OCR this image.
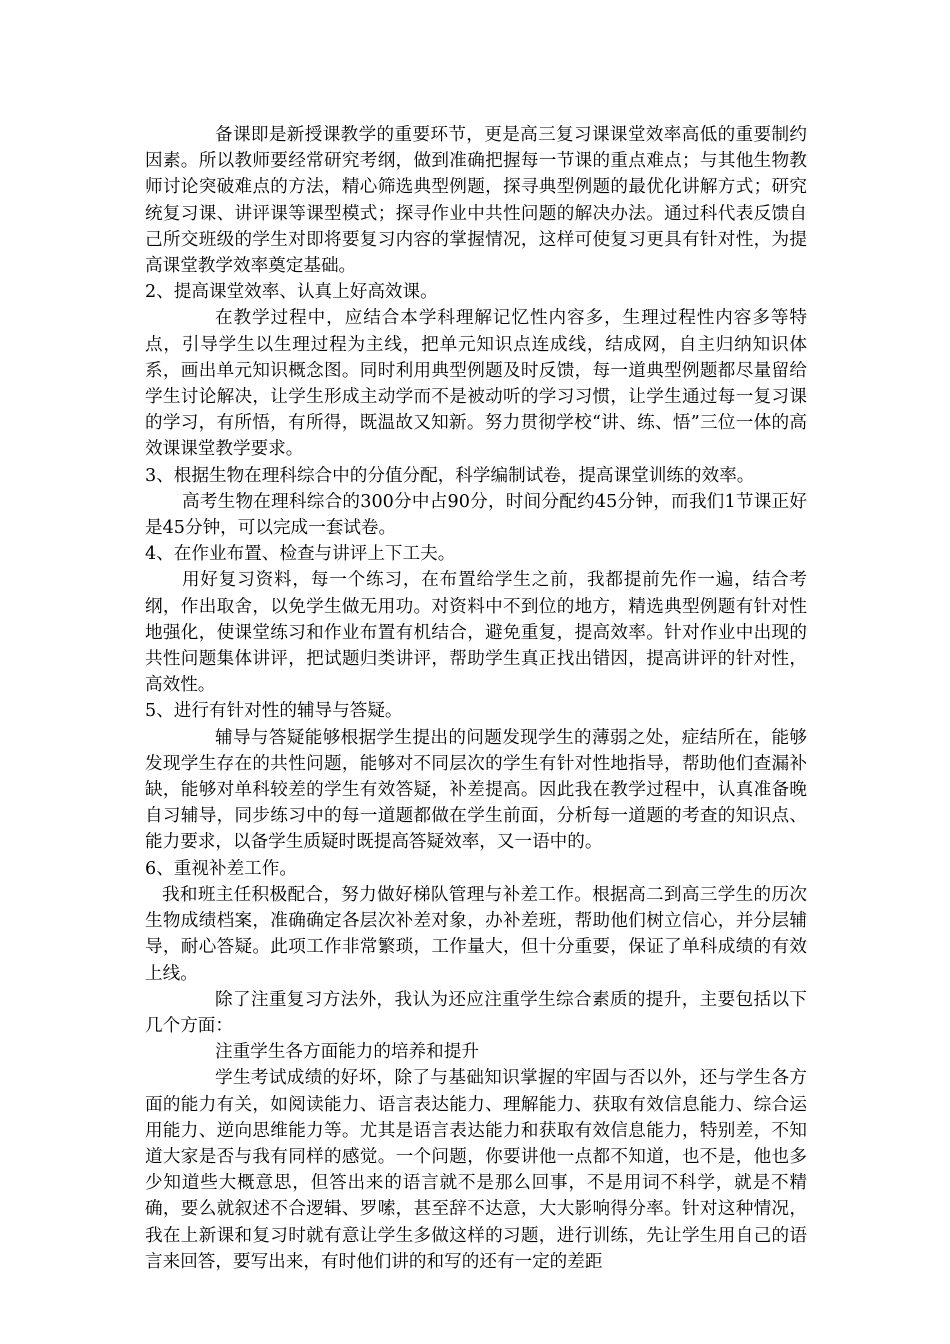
备课即是新授课教学的重要环节，更是高三复习课课堂效率高低的重要制约因素。所以教师要经常研究考纲，做到准确把握每一节课的重点难点；与其他生物教师讨论突破难点的方法，精心筛选典型例题，探寻典型例题的最优化讲解方式；研究统复习课、讲评课等课型模式；探寻作业中共性问题的解决办法。通过科代表反馈自己所交班级的学生对即将要复习内容的掌握情况，这样可使复习更具有针对性，为提高课堂教学效率奠定基础。

2、提高课堂效率、认真上好高效课。

在教学过程中，应结合本学科理解记忆性内容多，生理过程性内容多等特点，引导学生以生理过程为主线，把单元知识点连成线，结成网，自主归纳知识体系，画出单元知识概念图。同时利用典型例题及时反馈，每一道典型例题都尽量留给学生讨论解决，让学生形成主动学而不是被动听的学习习惯，让学生通过每一复习课的学习，有所悟，有所得，既温故又知新。努力贯彻学校“讲、练、悟”三位一体的高效课课堂教学要求。

3、根据生物在理科综合中的分值分配，科学编制试卷，提高课堂训练的效率。

高考生物在理科综合的300分中占90分，时间分配约45分钟，而我们1节课正好是45分钟，可以完成一套试卷。

4、在作业布置、检查与讲评上下工夫。

用好复习资料，每一个练习，在布置给学生之前，我都提前先作一遍，结合考纲，作出取舍，以免学生做无用功。对资料中不到位的地方，精选典型例题有针对性地强化，使课堂练习和作业布置有机结合，避免重复，提高效率。针对作业中出现的共性问题集体讲评，把试题归类讲评，帮助学生真正找出错因，提高讲评的针对性，高效性。

5、进行有针对性的辅导与答疑。

辅导与答疑能够根据学生提出的问题发现学生的薄弱之处，症结所在，能够发现学生存在的共性问题，能够对不同层次的学生有针对性地指导，帮助他们查漏补缺，能够对单科较差的学生有效答疑，补差提高。因此我在教学过程中，认真准备晚自习辅导，同步练习中的每一道题都做在学生前面，分析每一道题的考查的知识点、能力要求，以备学生质疑时既提高答疑效率，又一语中的。

6、重视补差工作。

我和班主任积极配合，努力做好梯队管理与补差工作。根据高二到高三学生的历次生物成绩档案，准确确定各层次补差对象，办补差班，帮助他们树立信心，并分层辅导，耐心答疑。此项工作非常繁琐，工作量大，但十分重要，保证了单科成绩的有效上线。

除了注重复习方法外，我认为还应注重学生综合素质的提升，主要包括以下几个方面：

注重学生各方面能力的培养和提升

学生考试成绩的好坏，除了与基础知识掌握的牢固与否以外，还与学生各方面的能力有关，如阅读能力、语言表达能力、理解能力、获取有效信息能力、综合运用能力、逆向思维能力等。尤其是语言表达能力和获取有效信息能力，特别差，不知道大家是否与我有同样的感觉。一个问题，你要讲他一点都不知道，也不是，他也多少知道些大概意思，但答出来的语言就不是那么回事，不是用词不科学，就是不精确，要么就叙述不合逻辑、罗嗦，甚至辞不达意，大大影响得分率。针对这种情况，我在上新课和复习时就有意让学生多做这样的习题，进行训练，先让学生用自己的语言来回答，要写出来，有时他们讲的和写的还有一定的差距
